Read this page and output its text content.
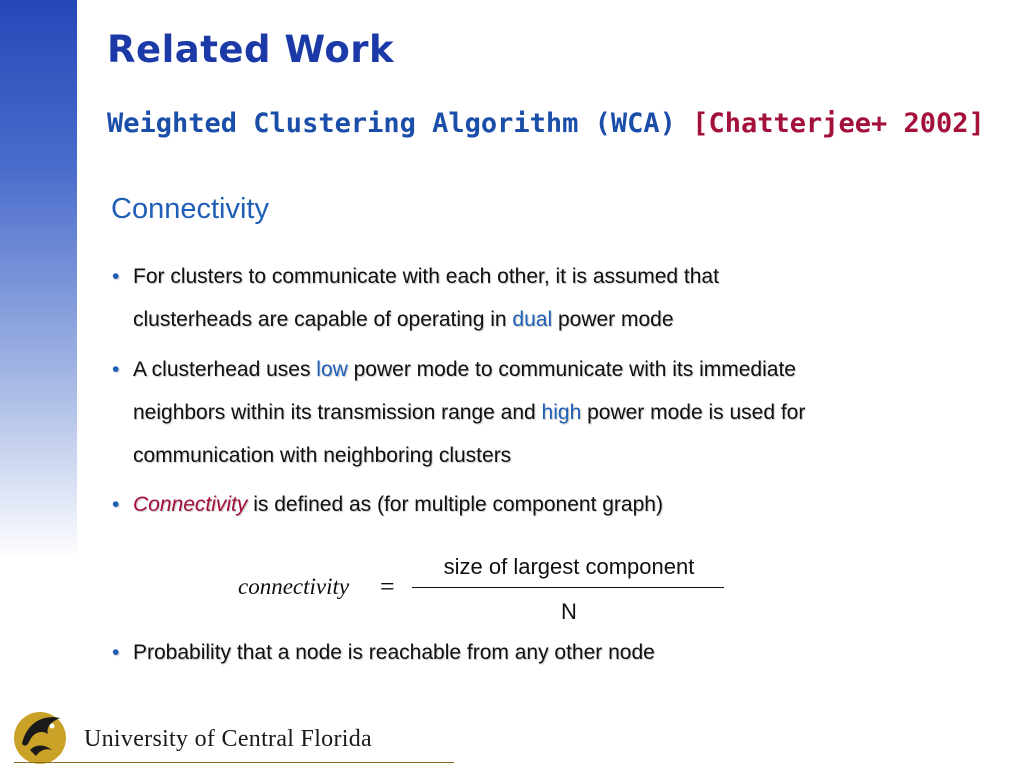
Related Work
Weighted Clustering Algorithm (WCA) [Chatterjee+ 2002]
Connectivity
• For clusters to communicate with each other, it is assumed that
clusterheads are capable of operating in dual power mode
• A clusterhead uses low power mode to communicate with its immediate
neighbors within its transmission range and high power mode is used for
communication with neighboring clusters
• Connectivity is defined as (for multiple component graph)
connectivity =
size of largest component
N
• Probability that a node is reachable from any other node
University of Central Florida
